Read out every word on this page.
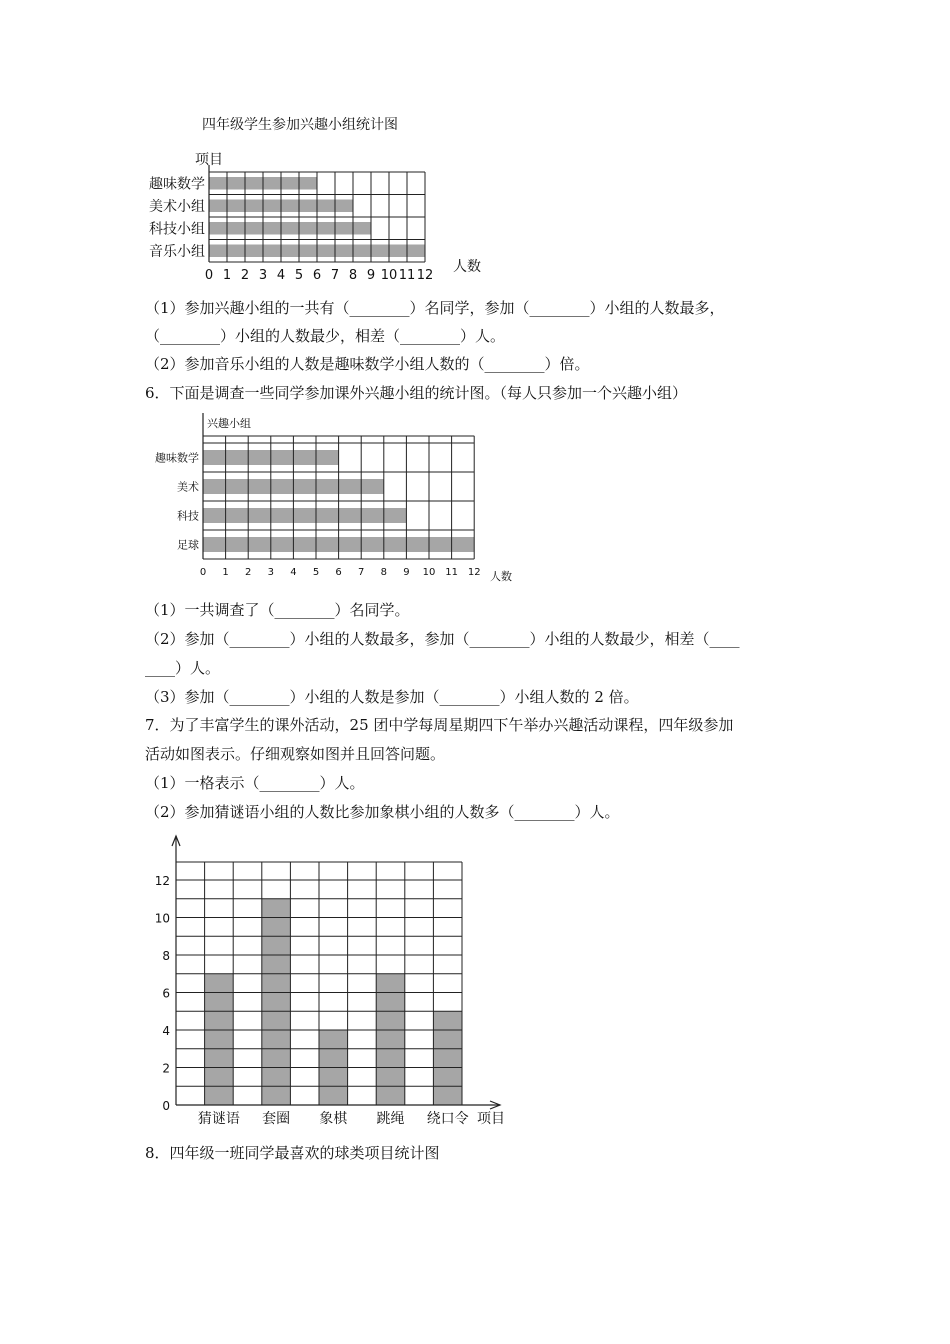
四年级学生参加兴趣小组统计图
趣味数学
美术小组
科技小组
音乐小组
0 1 2 3 4 5 6 7 8 9 10 11 12
项目
人数
（1）参加兴趣小组的一共有（________）名同学，参加（________）小组的人数最多，
（________）小组的人数最少，相差（________）人。
（2）参加音乐小组的人数是趣味数学小组人数的（________）倍。
6．下面是调查一些同学参加课外兴趣小组的统计图。（每人只参加一个兴趣小组）
趣味数学
美术
科技
足球
0 1 2 3 4 5 6 7 8 9 10 11 12
兴趣小组
人数
（1）一共调查了（________）名同学。
（2）参加（________）小组的人数最多，参加（________）小组的人数最少，相差（____
____）人。
（3）参加（________）小组的人数是参加（________）小组人数的 2 倍。
7．为了丰富学生的课外活动，25 团中学每周星期四下午举办兴趣活动课程，四年级参加
活动如图表示。仔细观察如图并且回答问题。
（1）一格表示（________）人。
（2）参加猜谜语小组的人数比参加象棋小组的人数多（________）人。
0
2
4
6
8
10
12
猜谜语 套圈 象棋 跳绳 绕口令 项目
8．四年级一班同学最喜欢的球类项目统计图
